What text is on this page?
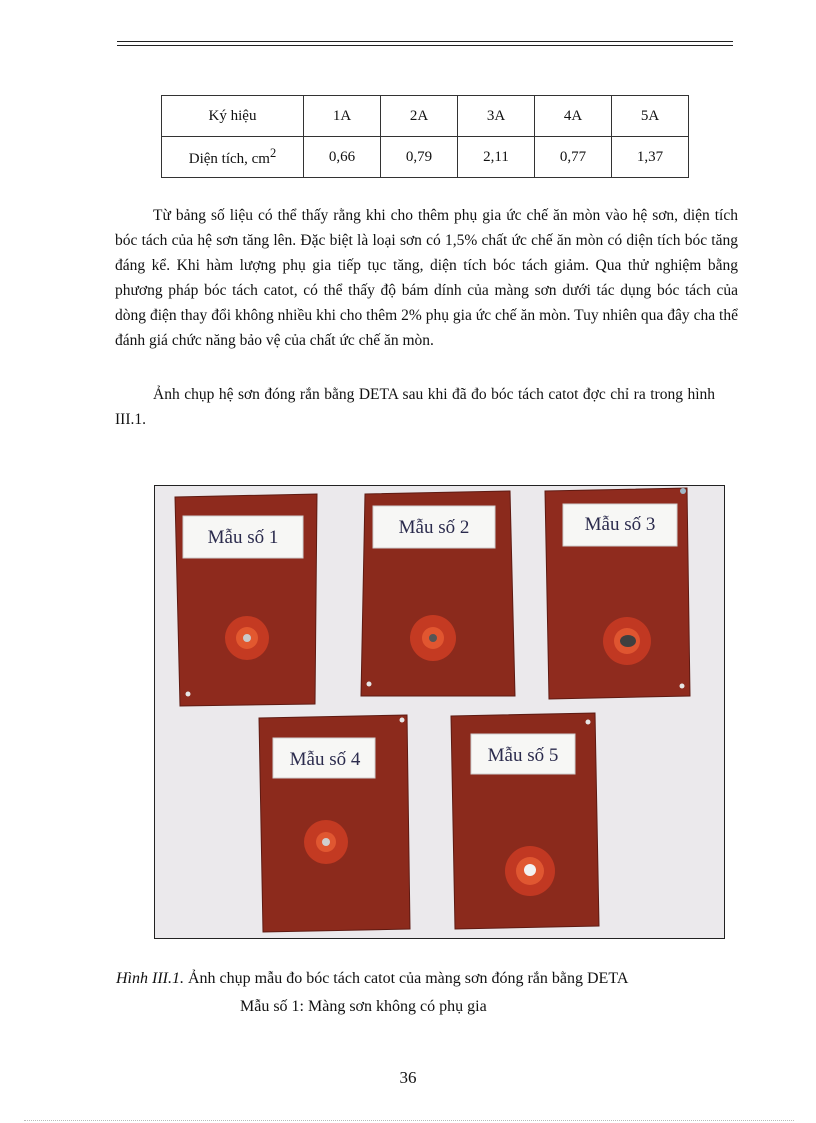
Ký hiệu	1A	2A	3A	4A	5A
Diện tích, $cm^2$	0,66	0,79	2,11	0,77	1,37

Từ bảng số liệu có thể thấy rằng khi cho thêm phụ gia ức chế ăn mòn vào hệ sơn, diện tích bóc tách của hệ sơn tăng lên. Đặc biệt là loại sơn có 1,5% chất ức chế ăn mòn có diện tích bóc tăng đáng kể. Khi hàm lượng phụ gia tiếp tục tăng, diện tích bóc tách giảm. Qua thử nghiệm bằng phương pháp bóc tách catot, có thể thấy độ bám dính của màng sơn dưới tác dụng bóc tách của dòng điện thay đổi không nhiều khi cho thêm 2% phụ gia ức chế ăn mòn. Tuy nhiên qua đây cha thể đánh giá chức năng bảo vệ của chất ức chế ăn mòn.

Ảnh chụp hệ sơn đóng rắn bằng DETA sau khi đã đo bóc tách catot đợc chỉ ra trong hình III.1.

Mẫu số 1	Mẫu số 2	Mẫu số 3
Mẫu số 4	Mẫu số 5
Hình III.1. Ảnh chụp mẫu đo bóc tách catot của màng sơn đóng rắn bằng DETA
Mẫu số 1: Màng sơn không có phụ gia
36
